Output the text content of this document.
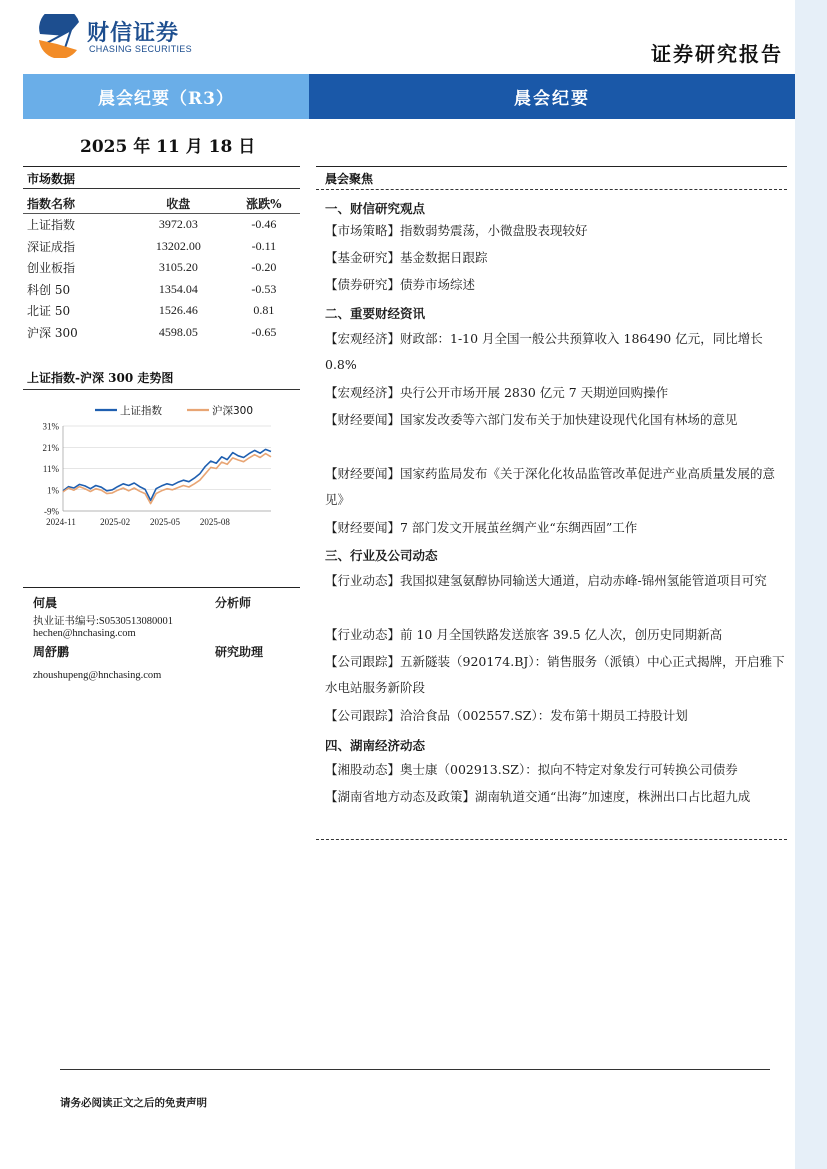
财信证券
CHASING SECURITIES	证券研究报告
晨会纪要（R3）	晨会纪要
2025 年 11 月 18 日
市场数据
指数名称	收盘	涨跌%
上证指数	3972.03	-0.46
深证成指	13202.00	-0.11
创业板指	3105.20	-0.20
科创 50	1354.04	-0.53
北证 50	1526.46	0.81
沪深 300	4598.05	-0.65
上证指数-沪深 300 走势图
31%
21%
11%
1%
-9%
2024-11	2025-02 2025-05 2025-08
上证指数	沪深300
何晨	分析师
执业证书编号:S0530513080001
hechen@hnchasing.com
周舒鹏	研究助理
zhoushupeng@hnchasing.com
晨会聚焦
一、财信研究观点
【市场策略】指数弱势震荡，小微盘股表现较好
【基金研究】基金数据日跟踪
【债券研究】债券市场综述
二、重要财经资讯
【宏观经济】财政部：1-10 月全国一般公共预算收入 186490 亿元，同比增长 0.8%
【宏观经济】央行公开市场开展 2830 亿元 7 天期逆回购操作
【财经要闻】国家发改委等六部门发布关于加快建设现代化国有林场的意见
【财经要闻】国家药监局发布《关于深化化妆品监管改革促进产业高质量发展的意见》
【财经要闻】7 部门发文开展茧丝绸产业“东绸西固”工作
三、行业及公司动态
【行业动态】我国拟建氢氨醇协同输送大通道，启动赤峰-锦州氢能管道项目可究
【行业动态】前 10 月全国铁路发送旅客 39.5 亿人次，创历史同期新高
【公司跟踪】五新隧装（920174.BJ）：销售服务（派镇）中心正式揭牌，开启雅下水电站服务新阶段
【公司跟踪】洽洽食品（002557.SZ）：发布第十期员工持股计划
四、湖南经济动态
【湘股动态】奥士康（002913.SZ）：拟向不特定对象发行可转换公司债券
【湖南省地方动态及政策】湖南轨道交通“出海”加速度，株洲出口占比超九成
请务必阅读正文之后的免责声明
